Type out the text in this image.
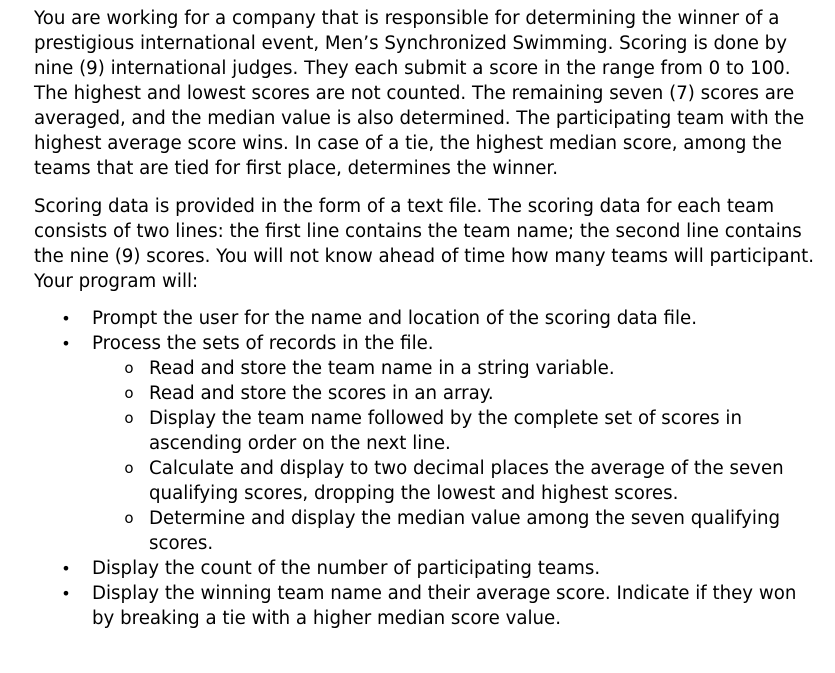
You are working for a company that is responsible for determining the winner of a prestigious international event, Men’s Synchronized Swimming. Scoring is done by nine (9) international judges. They each submit a score in the range from 0 to 100. The highest and lowest scores are not counted. The remaining seven (7) scores are averaged, and the median value is also determined. The participating team with the highest average score wins. In case of a tie, the highest median score, among the teams that are tied for first place, determines the winner.

Scoring data is provided in the form of a text file. The scoring data for each team consists of two lines: the first line contains the team name; the second line contains the nine (9) scores. You will not know ahead of time how many teams will participant. Your program will:

• Prompt the user for the name and location of the scoring data file.
• Process the sets of records in the file.
o Read and store the team name in a string variable.
o Read and store the scores in an array.
o Display the team name followed by the complete set of scores in ascending order on the next line.
o Calculate and display to two decimal places the average of the seven qualifying scores, dropping the lowest and highest scores.
o Determine and display the median value among the seven qualifying scores.
• Display the count of the number of participating teams.
• Display the winning team name and their average score. Indicate if they won by breaking a tie with a higher median score value.
